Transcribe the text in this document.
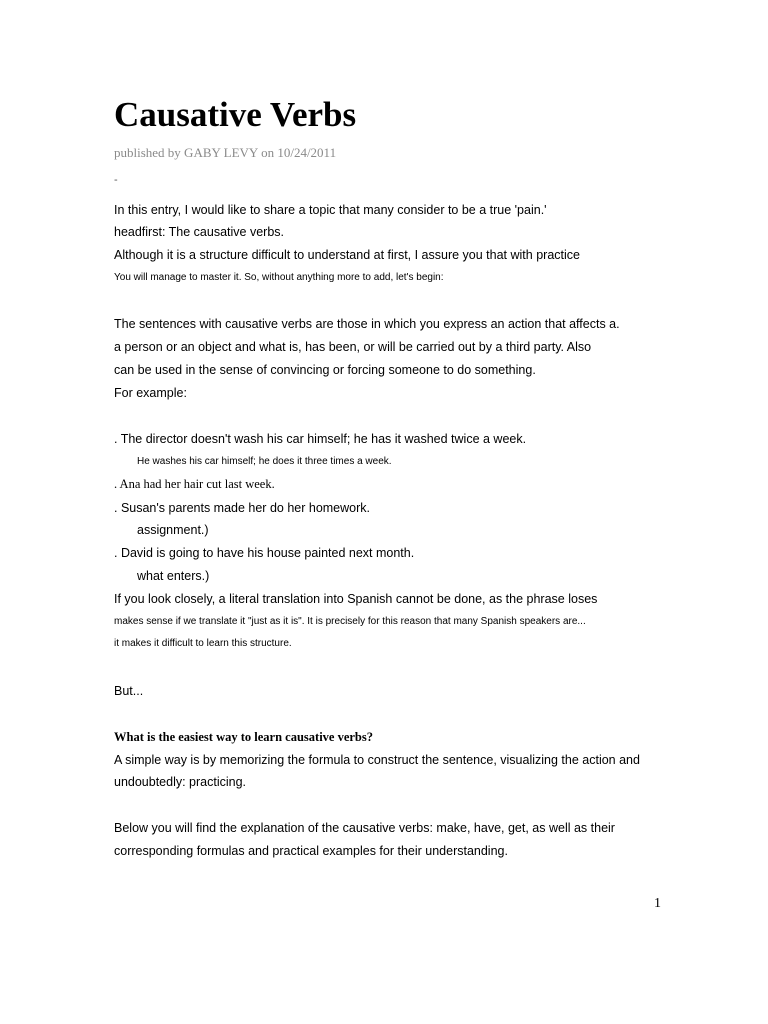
Causative Verbs

published by GABY LEVY on 10/24/2011

-

In this entry, I would like to share a topic that many consider to be a true 'pain.'

headfirst: The causative verbs.

Although it is a structure difficult to understand at first, I assure you that with practice

You will manage to master it. So, without anything more to add, let's begin:

The sentences with causative verbs are those in which you express an action that affects a.

a person or an object and what is, has been, or will be carried out by a third party. Also

can be used in the sense of convincing or forcing someone to do something.

For example:

. The director doesn't wash his car himself; he has it washed twice a week.

He washes his car himself; he does it three times a week.

. Ana had her hair cut last week.

. Susan's parents made her do her homework.

assignment.)

. David is going to have his house painted next month.

what enters.)

If you look closely, a literal translation into Spanish cannot be done, as the phrase loses

makes sense if we translate it "just as it is". It is precisely for this reason that many Spanish speakers are...

it makes it difficult to learn this structure.

But...

What is the easiest way to learn causative verbs?

A simple way is by memorizing the formula to construct the sentence, visualizing the action and

undoubtedly: practicing.

Below you will find the explanation of the causative verbs: make, have, get, as well as their

corresponding formulas and practical examples for their understanding.

1
